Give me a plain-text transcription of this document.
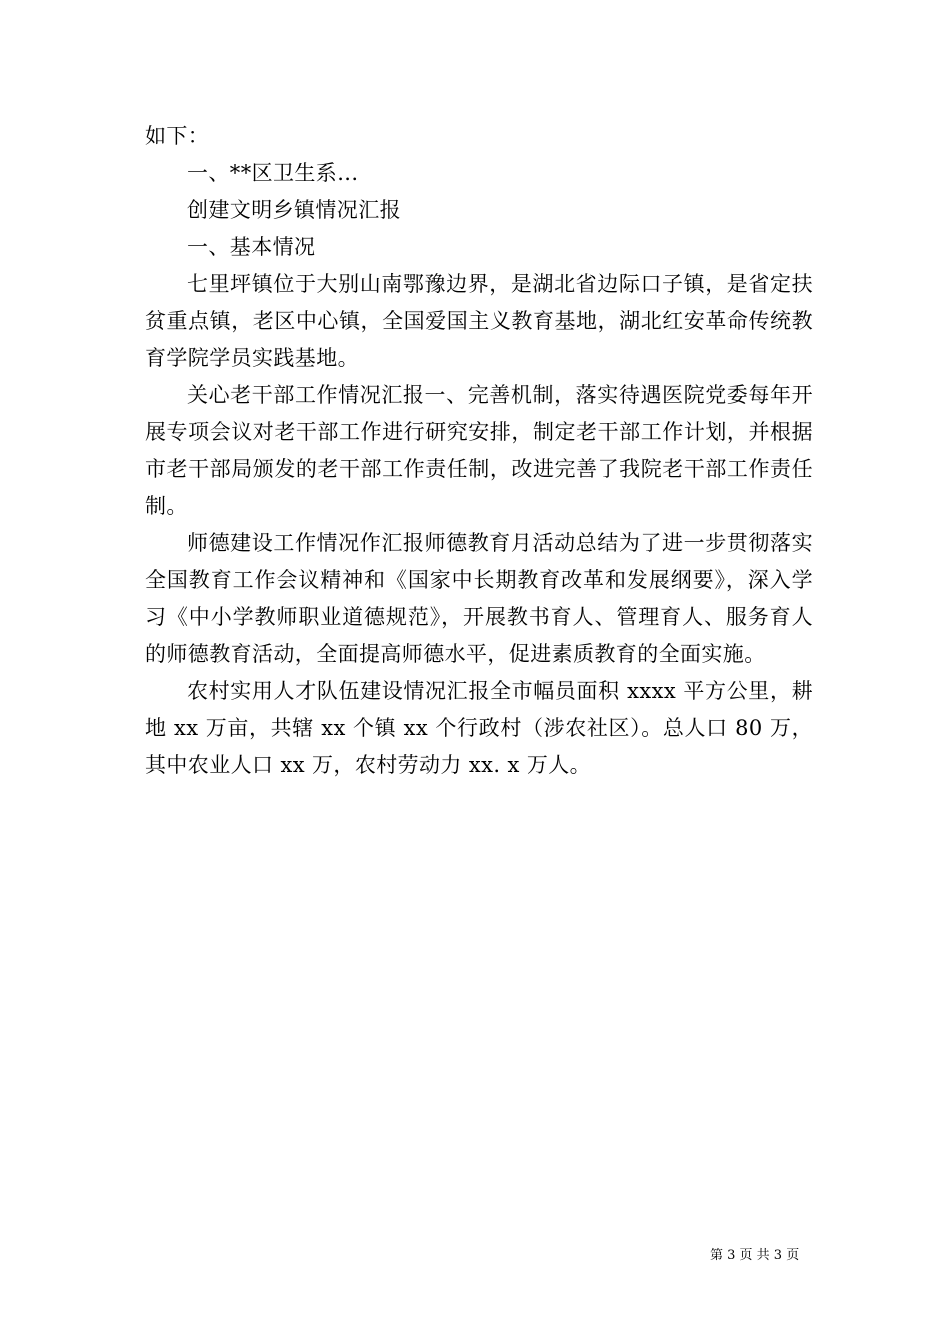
如下：

一、**区卫生系...

创建文明乡镇情况汇报

一、基本情况

七里坪镇位于大别山南鄂豫边界，是湖北省边际口子镇，是省定扶贫重点镇，老区中心镇，全国爱国主义教育基地，湖北红安革命传统教育学院学员实践基地。

关心老干部工作情况汇报一、完善机制，落实待遇医院党委每年开展专项会议对老干部工作进行研究安排，制定老干部工作计划，并根据市老干部局颁发的老干部工作责任制，改进完善了我院老干部工作责任制。

师德建设工作情况作汇报师德教育月活动总结为了进一步贯彻落实全国教育工作会议精神和《国家中长期教育改革和发展纲要》，深入学习《中小学教师职业道德规范》，开展教书育人、管理育人、服务育人的师德教育活动，全面提高师德水平，促进素质教育的全面实施。

农村实用人才队伍建设情况汇报全市幅员面积 xxxx 平方公里，耕地 xx 万亩，共辖 xx 个镇 xx 个行政村（涉农社区）。总人口 80 万，其中农业人口 xx 万，农村劳动力 xx. x 万人。

第 3 页 共 3 页
